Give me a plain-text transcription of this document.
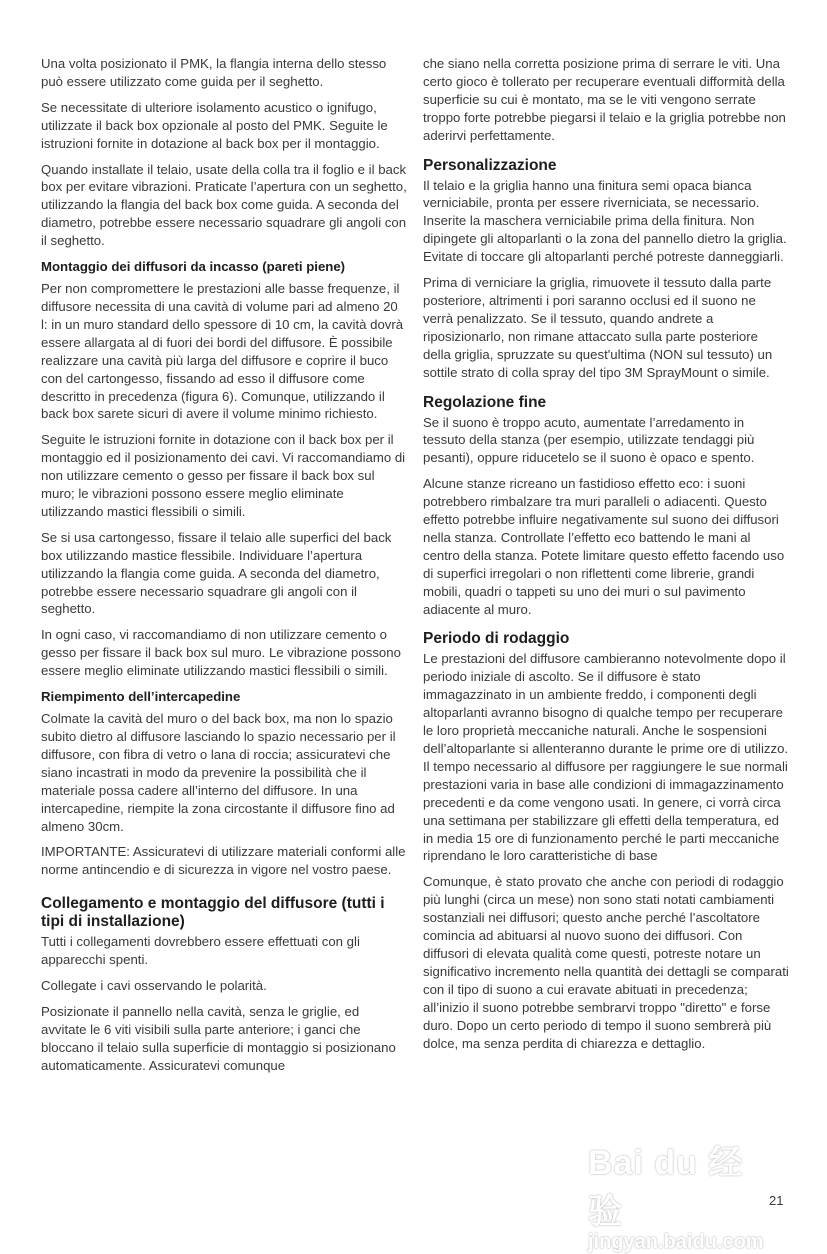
Una volta posizionato il PMK, la flangia interna dello stesso può essere utilizzato come guida per il seghetto.

Se necessitate di ulteriore isolamento acustico o ignifugo, utilizzate il back box opzionale al posto del PMK. Seguite le istruzioni fornite in dotazione al back box per il montaggio.

Quando installate il telaio, usate della colla tra il foglio e il back box per evitare vibrazioni. Praticate l’apertura con un seghetto, utilizzando la flangia del back box come guida. A seconda del diametro, potrebbe essere necessario squadrare gli angoli con il seghetto.

Montaggio dei diffusori da incasso (pareti piene)

Per non compromettere le prestazioni alle basse frequenze, il diffusore necessita di una cavità di volume pari ad almeno 20 l: in un muro standard dello spessore di 10 cm, la cavità dovrà essere allargata al di fuori dei bordi del diffusore. È possibile realizzare una cavità più larga del diffusore e coprire il buco con del cartongesso, fissando ad esso il diffusore come descritto in precedenza (figura 6). Comunque, utilizzando il back box sarete sicuri di avere il volume minimo richiesto.

Seguite le istruzioni fornite in dotazione con il back box per il montaggio ed il posizionamento dei cavi. Vi raccomandiamo di non utilizzare cemento o gesso per fissare il back box sul muro; le vibrazioni possono essere meglio eliminate utilizzando mastici flessibili o simili.

Se si usa cartongesso, fissare il telaio alle superfici del back box utilizzando mastice flessibile. Individuare l’apertura utilizzando la flangia come guida. A seconda del diametro, potrebbe essere necessario squadrare gli angoli con il seghetto.

In ogni caso, vi raccomandiamo di non utilizzare cemento o gesso per fissare il back box sul muro. Le vibrazione possono essere meglio eliminate utilizzando mastici flessibili o simili.

Riempimento dell’intercapedine

Colmate la cavità del muro o del back box, ma non lo spazio subito dietro al diffusore lasciando lo spazio necessario per il diffusore, con fibra di vetro o lana di roccia; assicuratevi che siano incastrati in modo da prevenire la possibilità che il materiale possa cadere all’interno del diffusore. In una intercapedine, riempite la zona circostante il diffusore fino ad almeno 30cm.

IMPORTANTE: Assicuratevi di utilizzare materiali conformi alle norme antincendio e di sicurezza in vigore nel vostro paese.

Collegamento e montaggio del diffusore (tutti i tipi di installazione)

Tutti i collegamenti dovrebbero essere effettuati con gli apparecchi spenti.

Collegate i cavi osservando le polarità.

Posizionate il pannello nella cavità, senza le griglie, ed avvitate le 6 viti visibili sulla parte anteriore; i ganci che bloccano il telaio sulla superficie di montaggio si posizionano automaticamente. Assicuratevi comunque

che siano nella corretta posizione prima di serrare le viti. Una certo gioco è tollerato per recuperare eventuali difformità della superficie su cui è montato, ma se le viti vengono serrate troppo forte potrebbe piegarsi il telaio e la griglia potrebbe non aderirvi perfettamente.

Personalizzazione

Il telaio e la griglia hanno una finitura semi opaca bianca verniciabile, pronta per essere riverniciata, se necessario. Inserite la maschera verniciabile prima della finitura. Non dipingete gli altoparlanti o la zona del pannello dietro la griglia. Evitate di toccare gli altoparlanti perché potreste danneggiarli.

Prima di verniciare la griglia, rimuovete il tessuto dalla parte posteriore, altrimenti i pori saranno occlusi ed il suono ne verrà penalizzato. Se il tessuto, quando andrete a riposizionarlo, non rimane attaccato sulla parte posteriore della griglia, spruzzate su quest'ultima (NON sul tessuto) un sottile strato di colla spray del tipo 3M SprayMount o simile.

Regolazione fine

Se il suono è troppo acuto, aumentate l’arredamento in tessuto della stanza (per esempio, utilizzate tendaggi più pesanti), oppure riducetelo se il suono è opaco e spento.

Alcune stanze ricreano un fastidioso effetto eco: i suoni potrebbero rimbalzare tra muri paralleli o adiacenti. Questo effetto potrebbe influire negativamente sul suono dei diffusori nella stanza. Controllate l’effetto eco battendo le mani al centro della stanza. Potete limitare questo effetto facendo uso di superfici irregolari o non riflettenti come librerie, grandi mobili, quadri o tappeti su uno dei muri o sul pavimento adiacente al muro.

Periodo di rodaggio

Le prestazioni del diffusore cambieranno notevolmente dopo il periodo iniziale di ascolto. Se il diffusore è stato immagazzinato in un ambiente freddo, i componenti degli altoparlanti avranno bisogno di qualche tempo per recuperare le loro proprietà meccaniche naturali. Anche le sospensioni dell’altoparlante si allenteranno durante le prime ore di utilizzo. Il tempo necessario al diffusore per raggiungere le sue normali prestazioni varia in base alle condizioni di immagazzinamento precedenti e da come vengono usati. In genere, ci vorrà circa una settimana per stabilizzare gli effetti della temperatura, ed in media 15 ore di funzionamento perché le parti meccaniche riprendano le loro caratteristiche di base

Comunque, è stato provato che anche con periodi di rodaggio più lunghi (circa un mese) non sono stati notati cambiamenti sostanziali nei diffusori; questo anche perché l’ascoltatore comincia ad abituarsi al nuovo suono dei diffusori. Con diffusori di elevata qualità come questi, potreste notare un significativo incremento nella quantità dei dettagli se comparati con il tipo di suono a cui eravate abituati in precedenza; all’inizio il suono potrebbe sembrarvi troppo "diretto" e forse duro. Dopo un certo periodo di tempo il suono sembrerà più dolce, ma senza perdita di chiarezza e dettaglio.

Bai du 经验
jingyan.baidu.com
21
